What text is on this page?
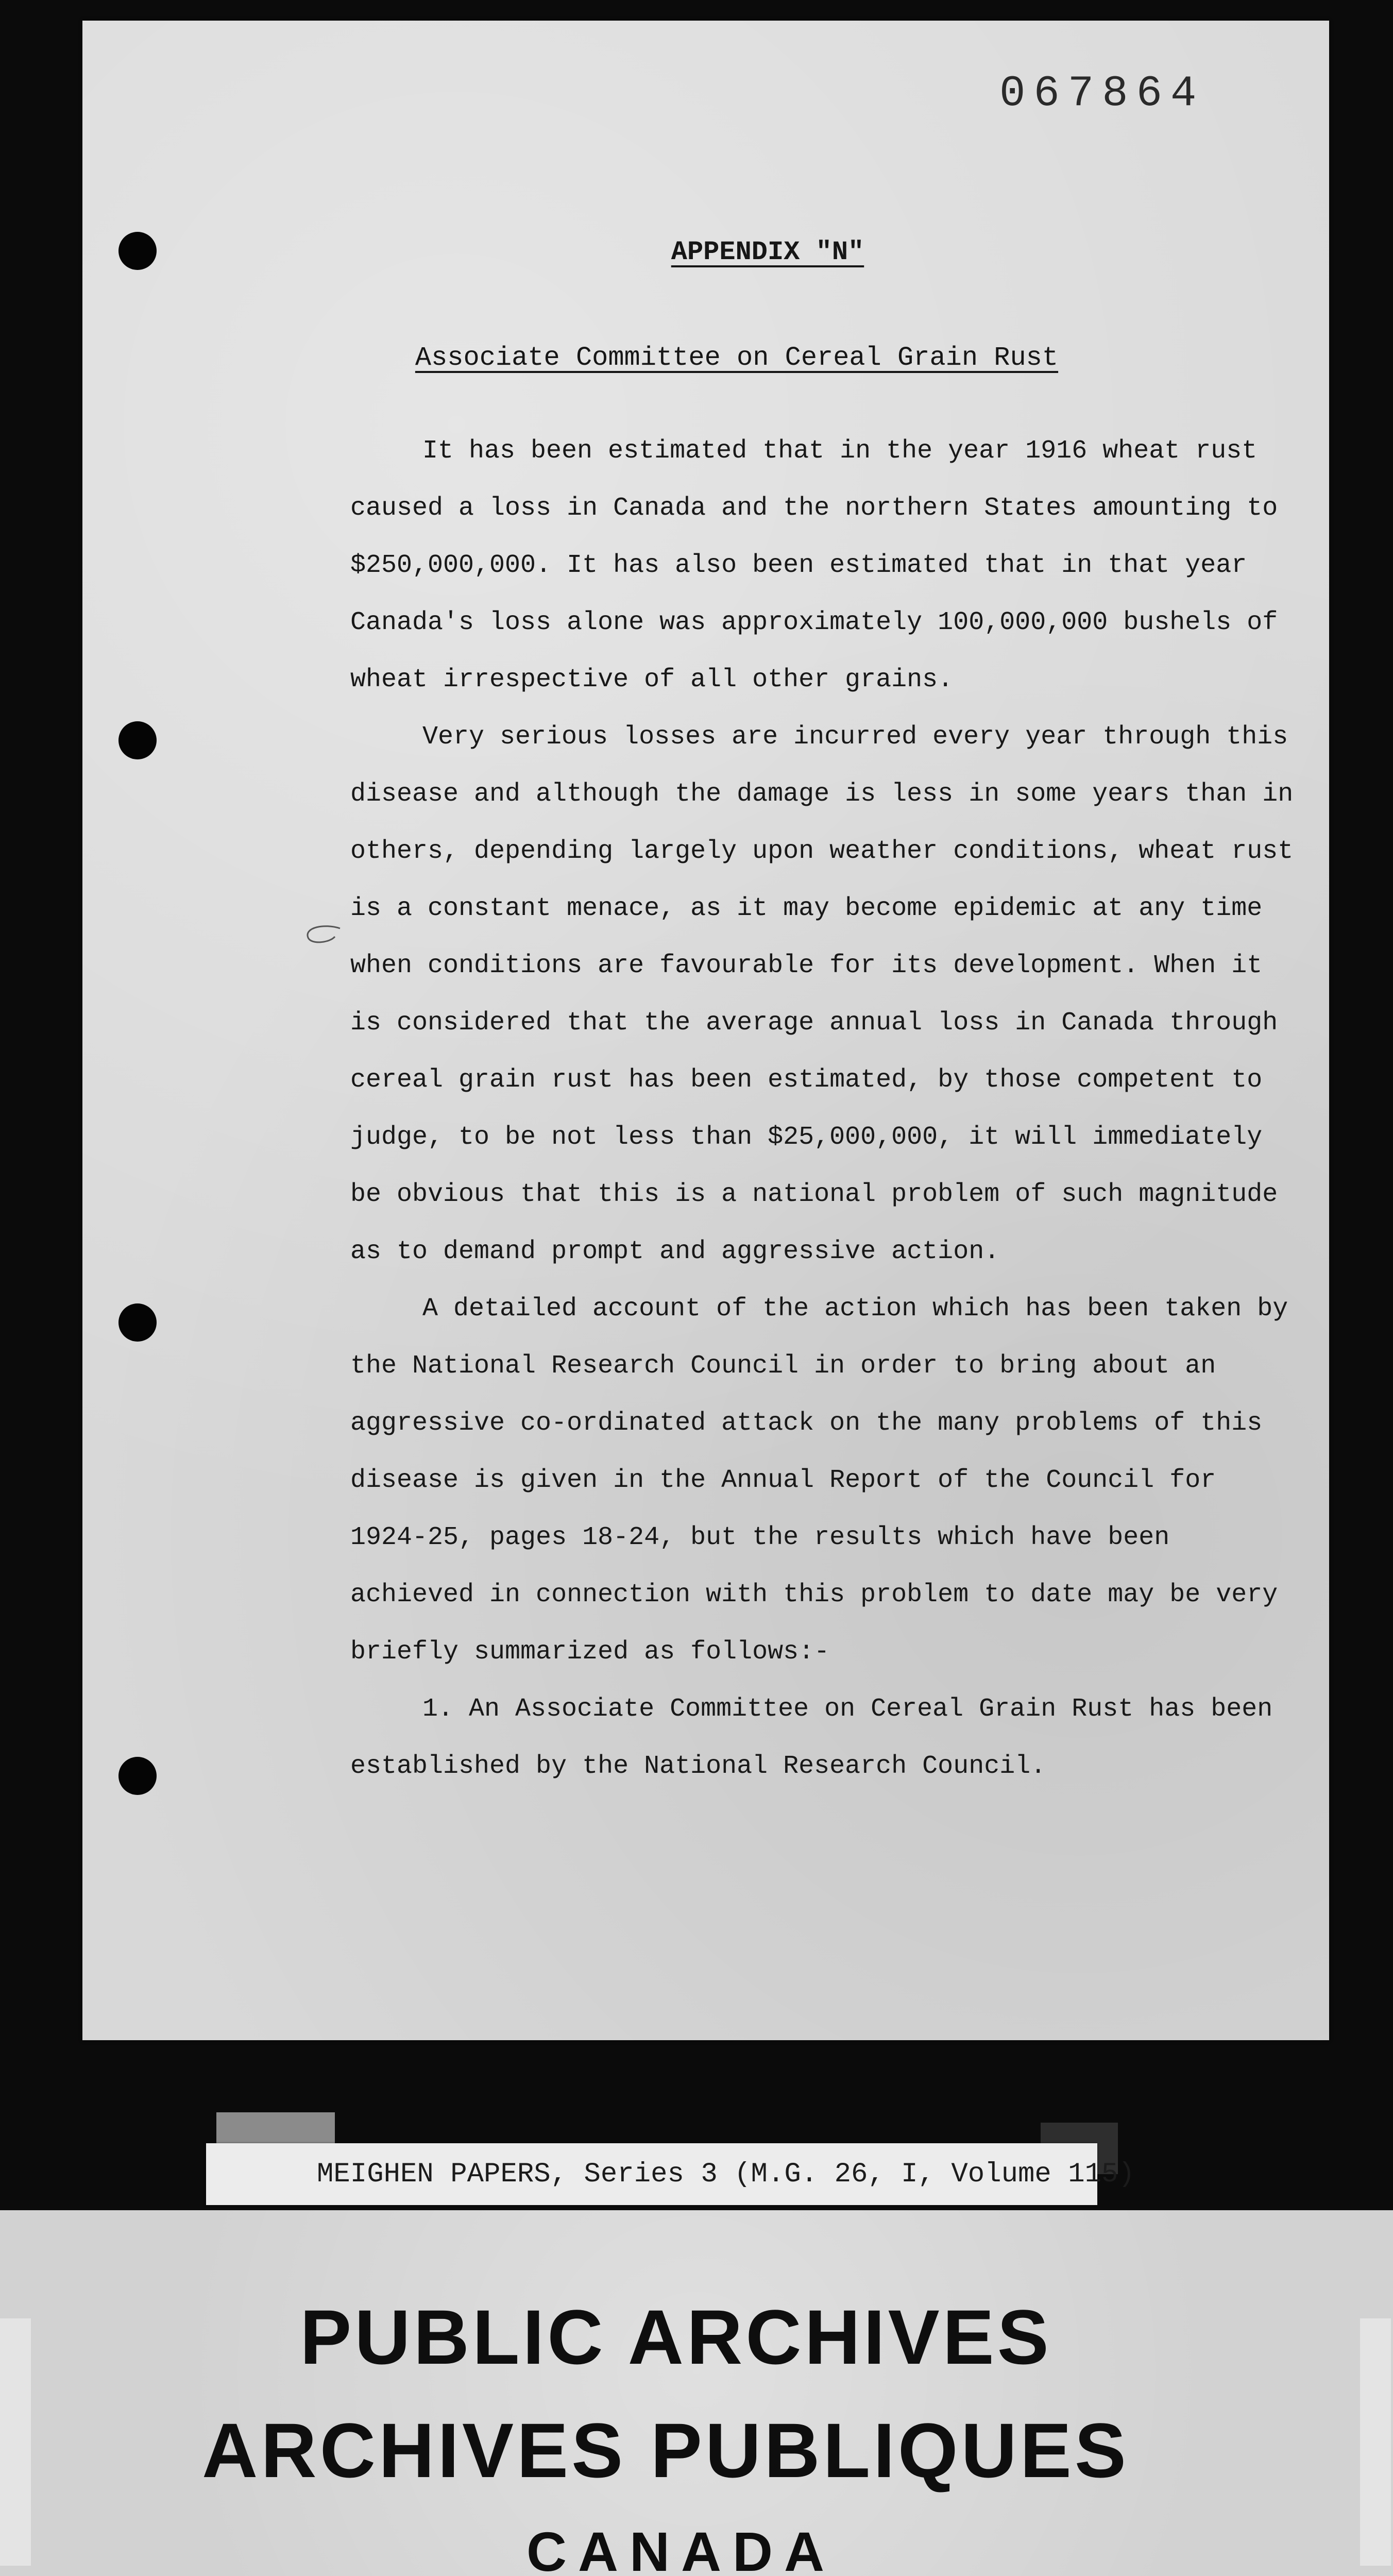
067864

APPENDIX "N"
Associate Committee on Cereal Grain Rust

It has been estimated that in the year 1916 wheat rust caused a loss in Canada and the northern States amounting to $250,000,000. It has also been estimated that in that year Canada's loss alone was approximately 100,000,000 bushels of wheat irrespective of all other grains.

Very serious losses are incurred every year through this disease and although the damage is less in some years than in others, depending largely upon weather conditions, wheat rust is a constant menace, as it may become epidemic at any time when conditions are favourable for its development. When it is considered that the average annual loss in Canada through cereal grain rust has been estimated, by those competent to judge, to be not less than $25,000,000, it will immediately be obvious that this is a national problem of such magnitude as to demand prompt and aggressive action.

A detailed account of the action which has been taken by the National Research Council in order to bring about an aggressive co-ordinated attack on the many problems of this disease is given in the Annual Report of the Council for 1924-25, pages 18-24, but the results which have been achieved in connection with this problem to date may be very briefly summarized as follows:-

1. An Associate Committee on Cereal Grain Rust has been established by the National Research Council.

MEIGHEN PAPERS, Series 3 (M.G. 26, I, Volume 115)

PUBLIC ARCHIVES

ARCHIVES PUBLIQUES

CANADA
